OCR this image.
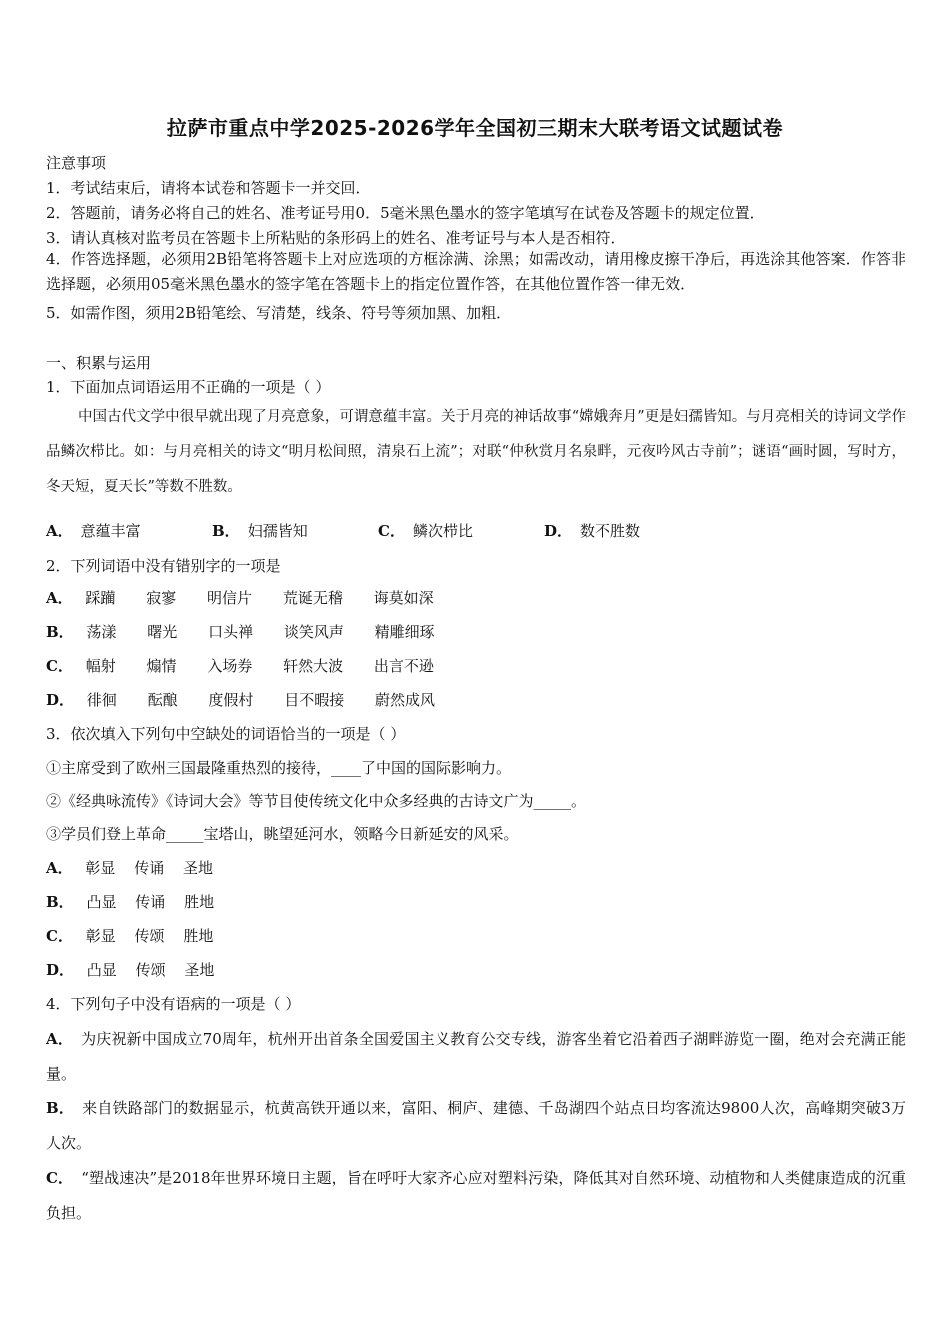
拉萨市重点中学2025-2026学年全国初三期末大联考语文试题试卷
注意事项
1．考试结束后，请将本试卷和答题卡一并交回．
2．答题前，请务必将自己的姓名、准考证号用0．5毫米黑色墨水的签字笔填写在试卷及答题卡的规定位置．
3．请认真核对监考员在答题卡上所粘贴的条形码上的姓名、准考证号与本人是否相符．
4．作答选择题，必须用2B铅笔将答题卡上对应选项的方框涂满、涂黑；如需改动，请用橡皮擦干净后，再选涂其他答案．作答非选择题，必须用05毫米黑色墨水的签字笔在答题卡上的指定位置作答，在其他位置作答一律无效．
5．如需作图，须用2B铅笔绘、写清楚，线条、符号等须加黑、加粗．
一、积累与运用
1．下面加点词语运用不正确的一项是（ ）
中国古代文学中很早就出现了月亮意象，可谓意蕴丰富。关于月亮的神话故事“嫦娥奔月”更是妇孺皆知。与月亮相关的诗词文学作品鳞次栉比。如：与月亮相关的诗文“明月松间照，清泉石上流”；对联“仲秋赏月名泉畔，元夜吟风古寺前”；谜语“画时圆，写时方，冬天短，夏天长”等数不胜数。
A． 意蕴丰富	B． 妇孺皆知	C． 鳞次栉比	D． 数不胜数
2．下列词语中没有错别字的一项是
A． 踩躏 寂寥 明信片 荒诞无稽 诲莫如深
B． 荡漾 曙光 口头禅 谈笑风声 精雕细琢
C． 幅射 煽情 入场券 轩然大波 出言不逊
D． 徘徊 酝酿 度假村 目不暇接 蔚然成风
3．依次填入下列句中空缺处的词语恰当的一项是（ ）
①主席受到了欧州三国最隆重热烈的接待，____了中国的国际影响力。
②《经典咏流传》《诗词大会》等节目使传统文化中众多经典的古诗文广为_____。
③学员们登上革命_____宝塔山，眺望延河水，领略今日新延安的风采。
A． 彰显 传诵 圣地
B． 凸显 传诵 胜地
C． 彰显 传颂 胜地
D． 凸显 传颂 圣地
4．下列句子中没有语病的一项是（ ）
A． 为庆祝新中国成立70周年，杭州开出首条全国爱国主义教育公交专线，游客坐着它沿着西子湖畔游览一圈，绝对会充满正能量。
B． 来自铁路部门的数据显示，杭黄高铁开通以来，富阳、桐庐、建德、千岛湖四个站点日均客流达9800人次，高峰期突破3万人次。
C． “塑战速决”是2018年世界环境日主题，旨在呼吁大家齐心应对塑料污染，降低其对自然环境、动植物和人类健康造成的沉重负担。
